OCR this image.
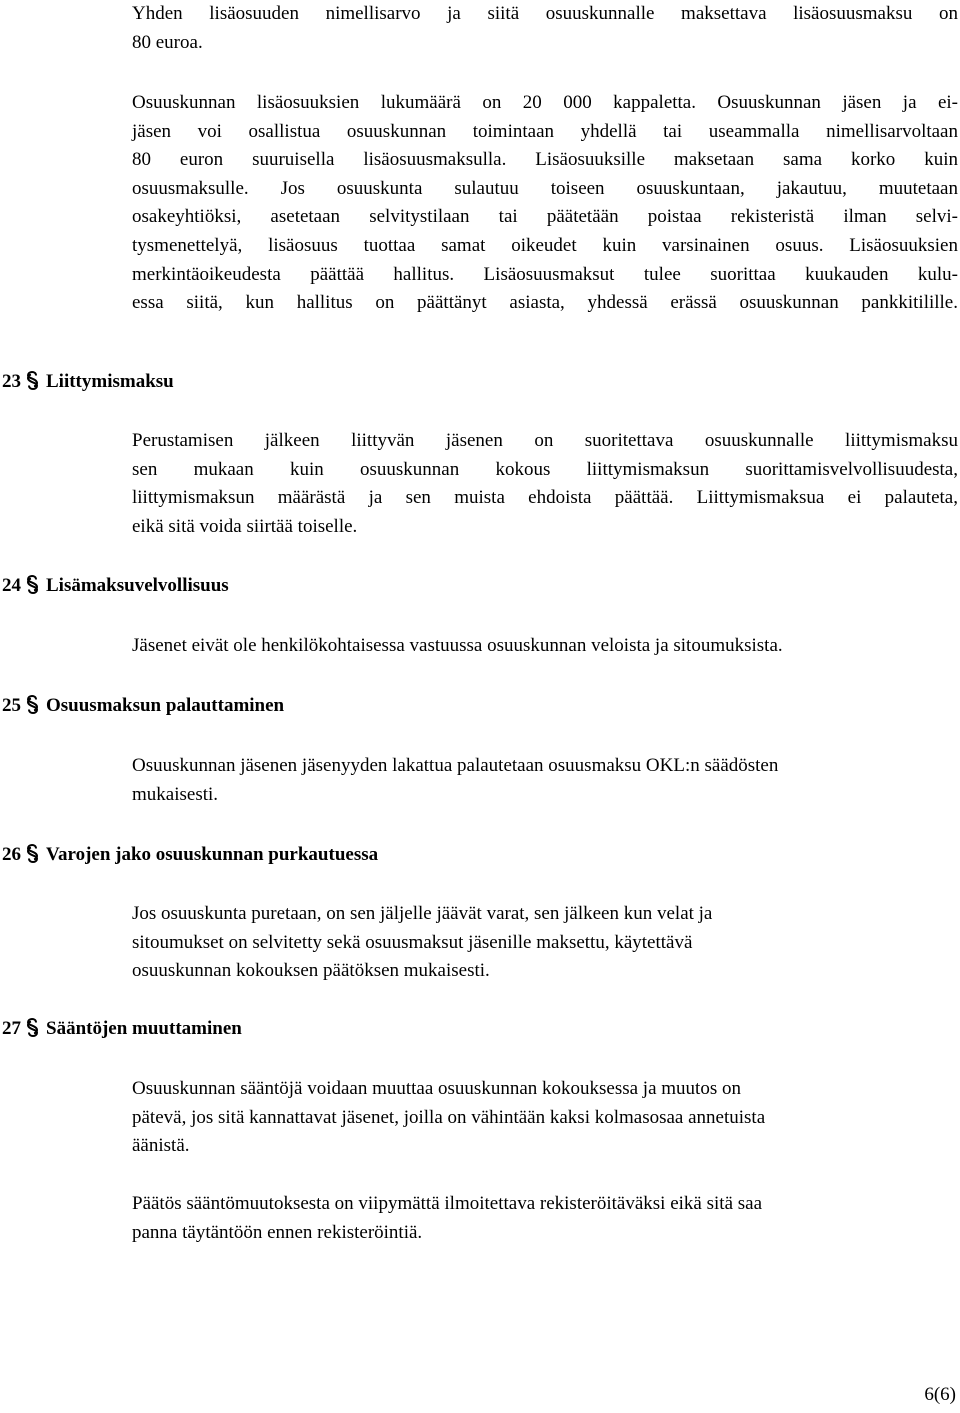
Yhden lisäosuuden nimellisarvo ja siitä osuuskunnalle maksettava lisäosuusmaksu on
80 euroa.
Osuuskunnan lisäosuuksien lukumäärä on 20 000 kappaletta. Osuuskunnan jäsen ja ei-
jäsen voi osallistua osuuskunnan toimintaan yhdellä tai useammalla nimellisarvoltaan
80 euron suuruisella lisäosuusmaksulla. Lisäosuuksille maksetaan sama korko kuin
osuusmaksulle. Jos osuuskunta sulautuu toiseen osuuskuntaan, jakautuu, muutetaan
osakeyhtiöksi, asetetaan selvitystilaan tai päätetään poistaa rekisteristä ilman selvi-
tysmenettelyä, lisäosuus tuottaa samat oikeudet kuin varsinainen osuus. Lisäosuuksien
merkintäoikeudesta päättää hallitus. Lisäosuusmaksut tulee suorittaa kuukauden kulu-
essa siitä, kun hallitus on päättänyt asiasta, yhdessä erässä osuuskunnan pankkitilille.
23 Liittymismaksu
Perustamisen jälkeen liittyvän jäsenen on suoritettava osuuskunnalle liittymismaksu
sen mukaan kuin osuuskunnan kokous liittymismaksun suorittamisvelvollisuudesta,
liittymismaksun määrästä ja sen muista ehdoista päättää. Liittymismaksua ei palauteta,
eikä sitä voida siirtää toiselle.
24 Lisämaksuvelvollisuus
Jäsenet eivät ole henkilökohtaisessa vastuussa osuuskunnan veloista ja sitoumuksista.
25 Osuusmaksun palauttaminen
Osuuskunnan jäsenen jäsenyyden lakattua palautetaan osuusmaksu OKL:n säädösten
mukaisesti.
26 Varojen jako osuuskunnan purkautuessa
Jos osuuskunta puretaan, on sen jäljelle jäävät varat, sen jälkeen kun velat ja
sitoumukset on selvitetty sekä osuusmaksut jäsenille maksettu, käytettävä
osuuskunnan kokouksen päätöksen mukaisesti.
27 Sääntöjen muuttaminen
Osuuskunnan sääntöjä voidaan muuttaa osuuskunnan kokouksessa ja muutos on
pätevä, jos sitä kannattavat jäsenet, joilla on vähintään kaksi kolmasosaa annetuista
äänistä.
Päätös sääntömuutoksesta on viipymättä ilmoitettava rekisteröitäväksi eikä sitä saa
panna täytäntöön ennen rekisteröintiä.
6(6)
